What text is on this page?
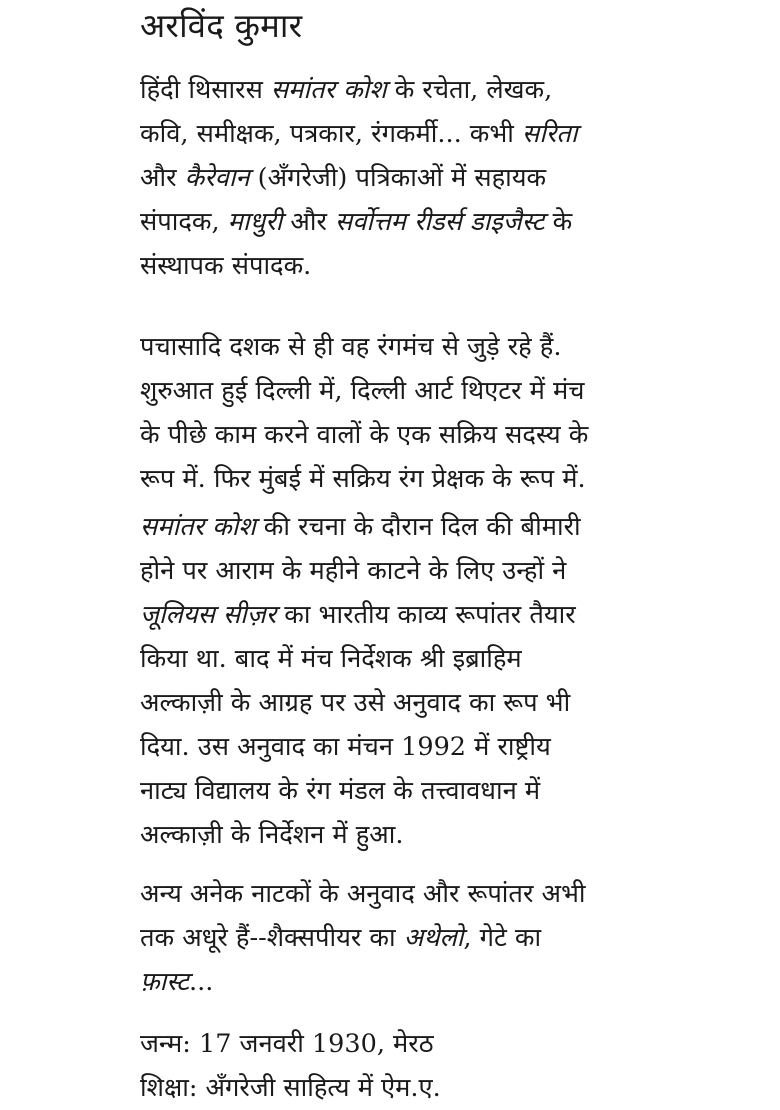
अरविंद कुमार
हिंदी थिसारस समांतर कोश के रचेता, लेखक,
कवि, समीक्षक, पत्रकार, रंगकर्मी... कभी सरिता
और कैरेवान (अँगरेजी) पत्रिकाओं में सहायक
संपादक, माधुरी और सर्वोत्तम रीडर्स डाइजैस्ट के
संस्थापक संपादक.
पचासादि दशक से ही वह रंगमंच से जुड़े रहे हैं.
शुरुआत हुई दिल्ली में, दिल्ली आर्ट थिएटर में मंच
के पीछे काम करने वालों के एक सक्रिय सदस्य के
रूप में. फिर मुंबई में सक्रिय रंग प्रेक्षक के रूप में.
समांतर कोश की रचना के दौरान दिल की बीमारी
होने पर आराम के महीने काटने के लिए उन्हों ने
जूलियस सीज़र का भारतीय काव्य रूपांतर तैयार
किया था. बाद में मंच निर्देशक श्री इब्राहिम
अल्काज़ी के आग्रह पर उसे अनुवाद का रूप भी
दिया. उस अनुवाद का मंचन 1992 में राष्ट्रीय
नाट्य विद्यालय के रंग मंडल के तत्त्वावधान में
अल्काज़ी के निर्देशन में हुआ.
अन्य अनेक नाटकों के अनुवाद और रूपांतर अभी
तक अधूरे हैं--शैक्सपीयर का अथेलो, गेटे का
फ़ास्ट...
जन्म: 17 जनवरी 1930, मेरठ
शिक्षा: अँगरेजी साहित्य में ऐम.ए.
